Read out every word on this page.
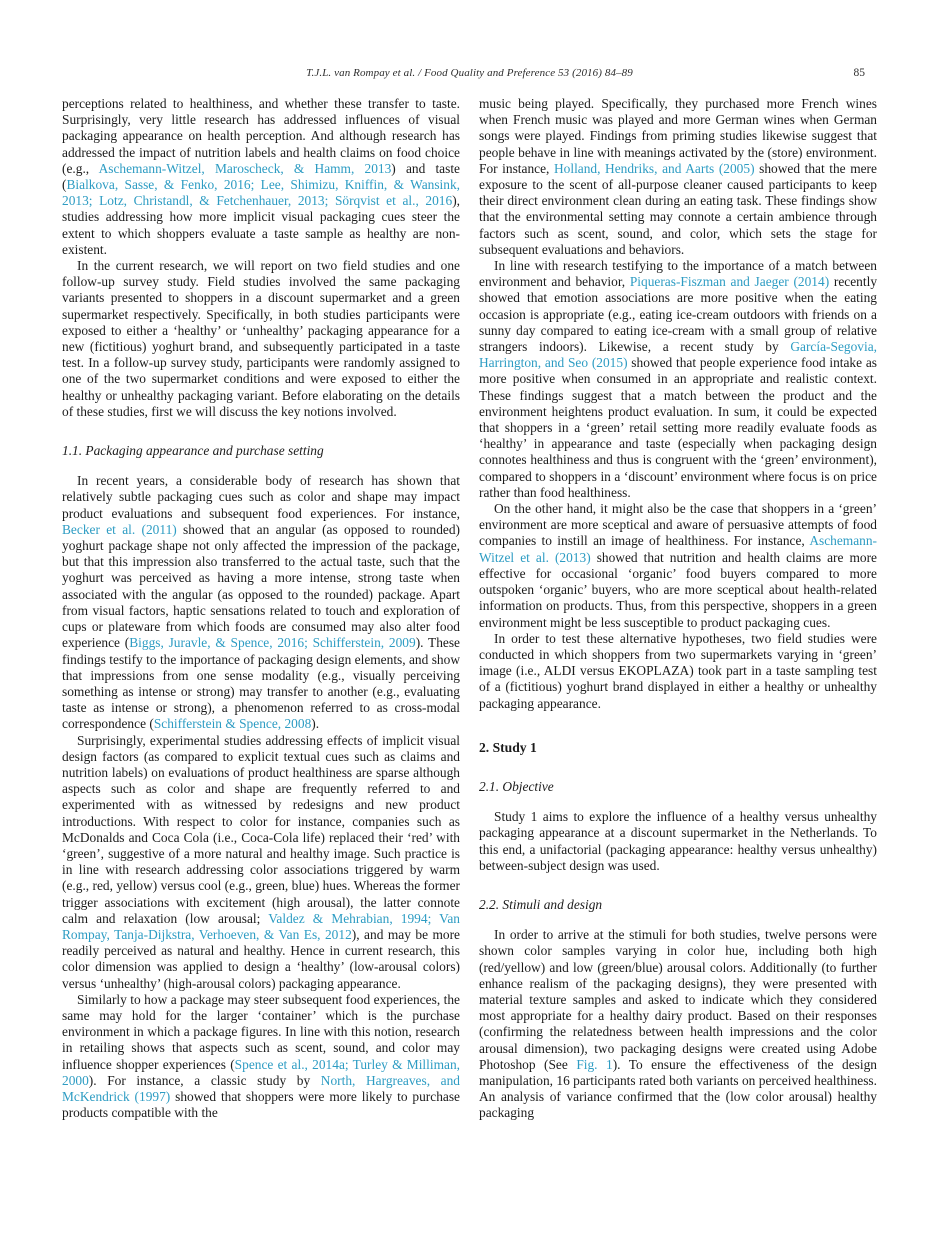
T.J.L. van Rompay et al. / Food Quality and Preference 53 (2016) 84–89	85

perceptions related to healthiness, and whether these transfer to taste. Surprisingly, very little research has addressed influences of visual packaging appearance on health perception. And although research has addressed the impact of nutrition labels and health claims on food choice (e.g., Aschemann-Witzel, Maroscheck, & Hamm, 2013) and taste (Bialkova, Sasse, & Fenko, 2016; Lee, Shimizu, Kniffin, & Wansink, 2013; Lotz, Christandl, & Fetchenhauer, 2013; Sörqvist et al., 2016), studies addressing how more implicit visual packaging cues steer the extent to which shoppers evaluate a taste sample as healthy are non-existent.

In the current research, we will report on two field studies and one follow-up survey study. Field studies involved the same packaging variants presented to shoppers in a discount supermarket and a green supermarket respectively. Specifically, in both studies participants were exposed to either a ‘healthy’ or ‘unhealthy’ packaging appearance for a new (fictitious) yoghurt brand, and subsequently participated in a taste test. In a follow-up survey study, participants were randomly assigned to one of the two supermarket conditions and were exposed to either the healthy or unhealthy packaging variant. Before elaborating on the details of these studies, first we will discuss the key notions involved.

1.1. Packaging appearance and purchase setting

In recent years, a considerable body of research has shown that relatively subtle packaging cues such as color and shape may impact product evaluations and subsequent food experiences. For instance, Becker et al. (2011) showed that an angular (as opposed to rounded) yoghurt package shape not only affected the impression of the package, but that this impression also transferred to the actual taste, such that the yoghurt was perceived as having a more intense, strong taste when associated with the angular (as opposed to the rounded) package. Apart from visual factors, haptic sensations related to touch and exploration of cups or plateware from which foods are consumed may also alter food experience (Biggs, Juravle, & Spence, 2016; Schifferstein, 2009). These findings testify to the importance of packaging design elements, and show that impressions from one sense modality (e.g., visually perceiving something as intense or strong) may transfer to another (e.g., evaluating taste as intense or strong), a phenomenon referred to as cross-modal correspondence (Schifferstein & Spence, 2008).

Surprisingly, experimental studies addressing effects of implicit visual design factors (as compared to explicit textual cues such as claims and nutrition labels) on evaluations of product healthiness are sparse although aspects such as color and shape are frequently referred to and experimented with as witnessed by redesigns and new product introductions. With respect to color for instance, companies such as McDonalds and Coca Cola (i.e., Coca-Cola life) replaced their ‘red’ with ‘green’, suggestive of a more natural and healthy image. Such practice is in line with research addressing color associations triggered by warm (e.g., red, yellow) versus cool (e.g., green, blue) hues. Whereas the former trigger associations with excitement (high arousal), the latter connote calm and relaxation (low arousal; Valdez & Mehrabian, 1994; Van Rompay, Tanja-Dijkstra, Verhoeven, & Van Es, 2012), and may be more readily perceived as natural and healthy. Hence in current research, this color dimension was applied to design a ‘healthy’ (low-arousal colors) versus ‘unhealthy’ (high-arousal colors) packaging appearance.

Similarly to how a package may steer subsequent food experiences, the same may hold for the larger ‘container’ which is the purchase environment in which a package figures. In line with this notion, research in retailing shows that aspects such as scent, sound, and color may influence shopper experiences (Spence et al., 2014a; Turley & Milliman, 2000). For instance, a classic study by North, Hargreaves, and McKendrick (1997) showed that shoppers were more likely to purchase products compatible with the

music being played. Specifically, they purchased more French wines when French music was played and more German wines when German songs were played. Findings from priming studies likewise suggest that people behave in line with meanings activated by the (store) environment. For instance, Holland, Hendriks, and Aarts (2005) showed that the mere exposure to the scent of all-purpose cleaner caused participants to keep their direct environment clean during an eating task. These findings show that the environmental setting may connote a certain ambience through factors such as scent, sound, and color, which sets the stage for subsequent evaluations and behaviors.

In line with research testifying to the importance of a match between environment and behavior, Piqueras-Fiszman and Jaeger (2014) recently showed that emotion associations are more positive when the eating occasion is appropriate (e.g., eating ice-cream outdoors with friends on a sunny day compared to eating ice-cream with a small group of relative strangers indoors). Likewise, a recent study by García-Segovia, Harrington, and Seo (2015) showed that people experience food intake as more positive when consumed in an appropriate and realistic context. These findings suggest that a match between the product and the environment heightens product evaluation. In sum, it could be expected that shoppers in a ‘green’ retail setting more readily evaluate foods as ‘healthy’ in appearance and taste (especially when packaging design connotes healthiness and thus is congruent with the ‘green’ environment), compared to shoppers in a ‘discount’ environment where focus is on price rather than food healthiness.

On the other hand, it might also be the case that shoppers in a ‘green’ environment are more sceptical and aware of persuasive attempts of food companies to instill an image of healthiness. For instance, Aschemann-Witzel et al. (2013) showed that nutrition and health claims are more effective for occasional ‘organic’ food buyers compared to more outspoken ‘organic’ buyers, who are more sceptical about health-related information on products. Thus, from this perspective, shoppers in a green environment might be less susceptible to product packaging cues.

In order to test these alternative hypotheses, two field studies were conducted in which shoppers from two supermarkets varying in ‘green’ image (i.e., ALDI versus EKOPLAZA) took part in a taste sampling test of a (fictitious) yoghurt brand displayed in either a healthy or unhealthy packaging appearance.

2. Study 1
2.1. Objective

Study 1 aims to explore the influence of a healthy versus unhealthy packaging appearance at a discount supermarket in the Netherlands. To this end, a unifactorial (packaging appearance: healthy versus unhealthy) between-subject design was used.

2.2. Stimuli and design

In order to arrive at the stimuli for both studies, twelve persons were shown color samples varying in color hue, including both high (red/yellow) and low (green/blue) arousal colors. Additionally (to further enhance realism of the packaging designs), they were presented with material texture samples and asked to indicate which they considered most appropriate for a healthy dairy product. Based on their responses (confirming the relatedness between health impressions and the color arousal dimension), two packaging designs were created using Adobe Photoshop (See Fig. 1). To ensure the effectiveness of the design manipulation, 16 participants rated both variants on perceived healthiness. An analysis of variance confirmed that the (low color arousal) healthy packaging
